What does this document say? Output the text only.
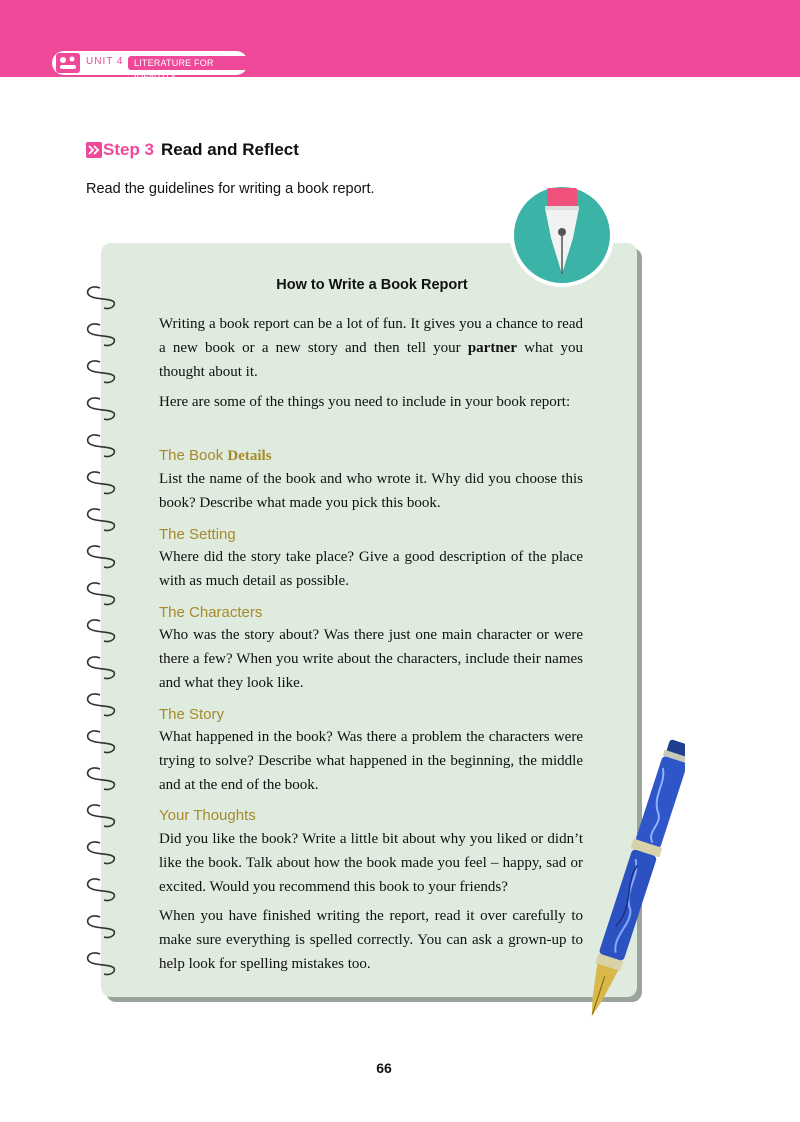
UNIT 4	LITERATURE FOR IDENTITY
Step 3 Read and Reflect
Read the guidelines for writing a book report.
How to Write a Book Report

Writing a book report can be a lot of fun. It gives you a chance to read a new book or a new story and then tell your partner what you thought about it.

Here are some of the things you need to include in your book report:

The Book Details

List the name of the book and who wrote it. Why did you choose this book? Describe what made you pick this book.

The Setting

Where did the story take place? Give a good description of the place with as much detail as possible.

The Characters

Who was the story about? Was there just one main character or were there a few? When you write about the characters, include their names and what they look like.

The Story

What happened in the book? Was there a problem the characters were trying to solve? Describe what happened in the beginning, the middle and at the end of the book.

Your Thoughts

Did you like the book? Write a little bit about why you liked or didn’t like the book. Talk about how the book made you feel – happy, sad or excited. Would you recommend this book to your friends?

When you have finished writing the report, read it over carefully to make sure everything is spelled correctly. You can ask a grown-up to help look for spelling mistakes too.

66
